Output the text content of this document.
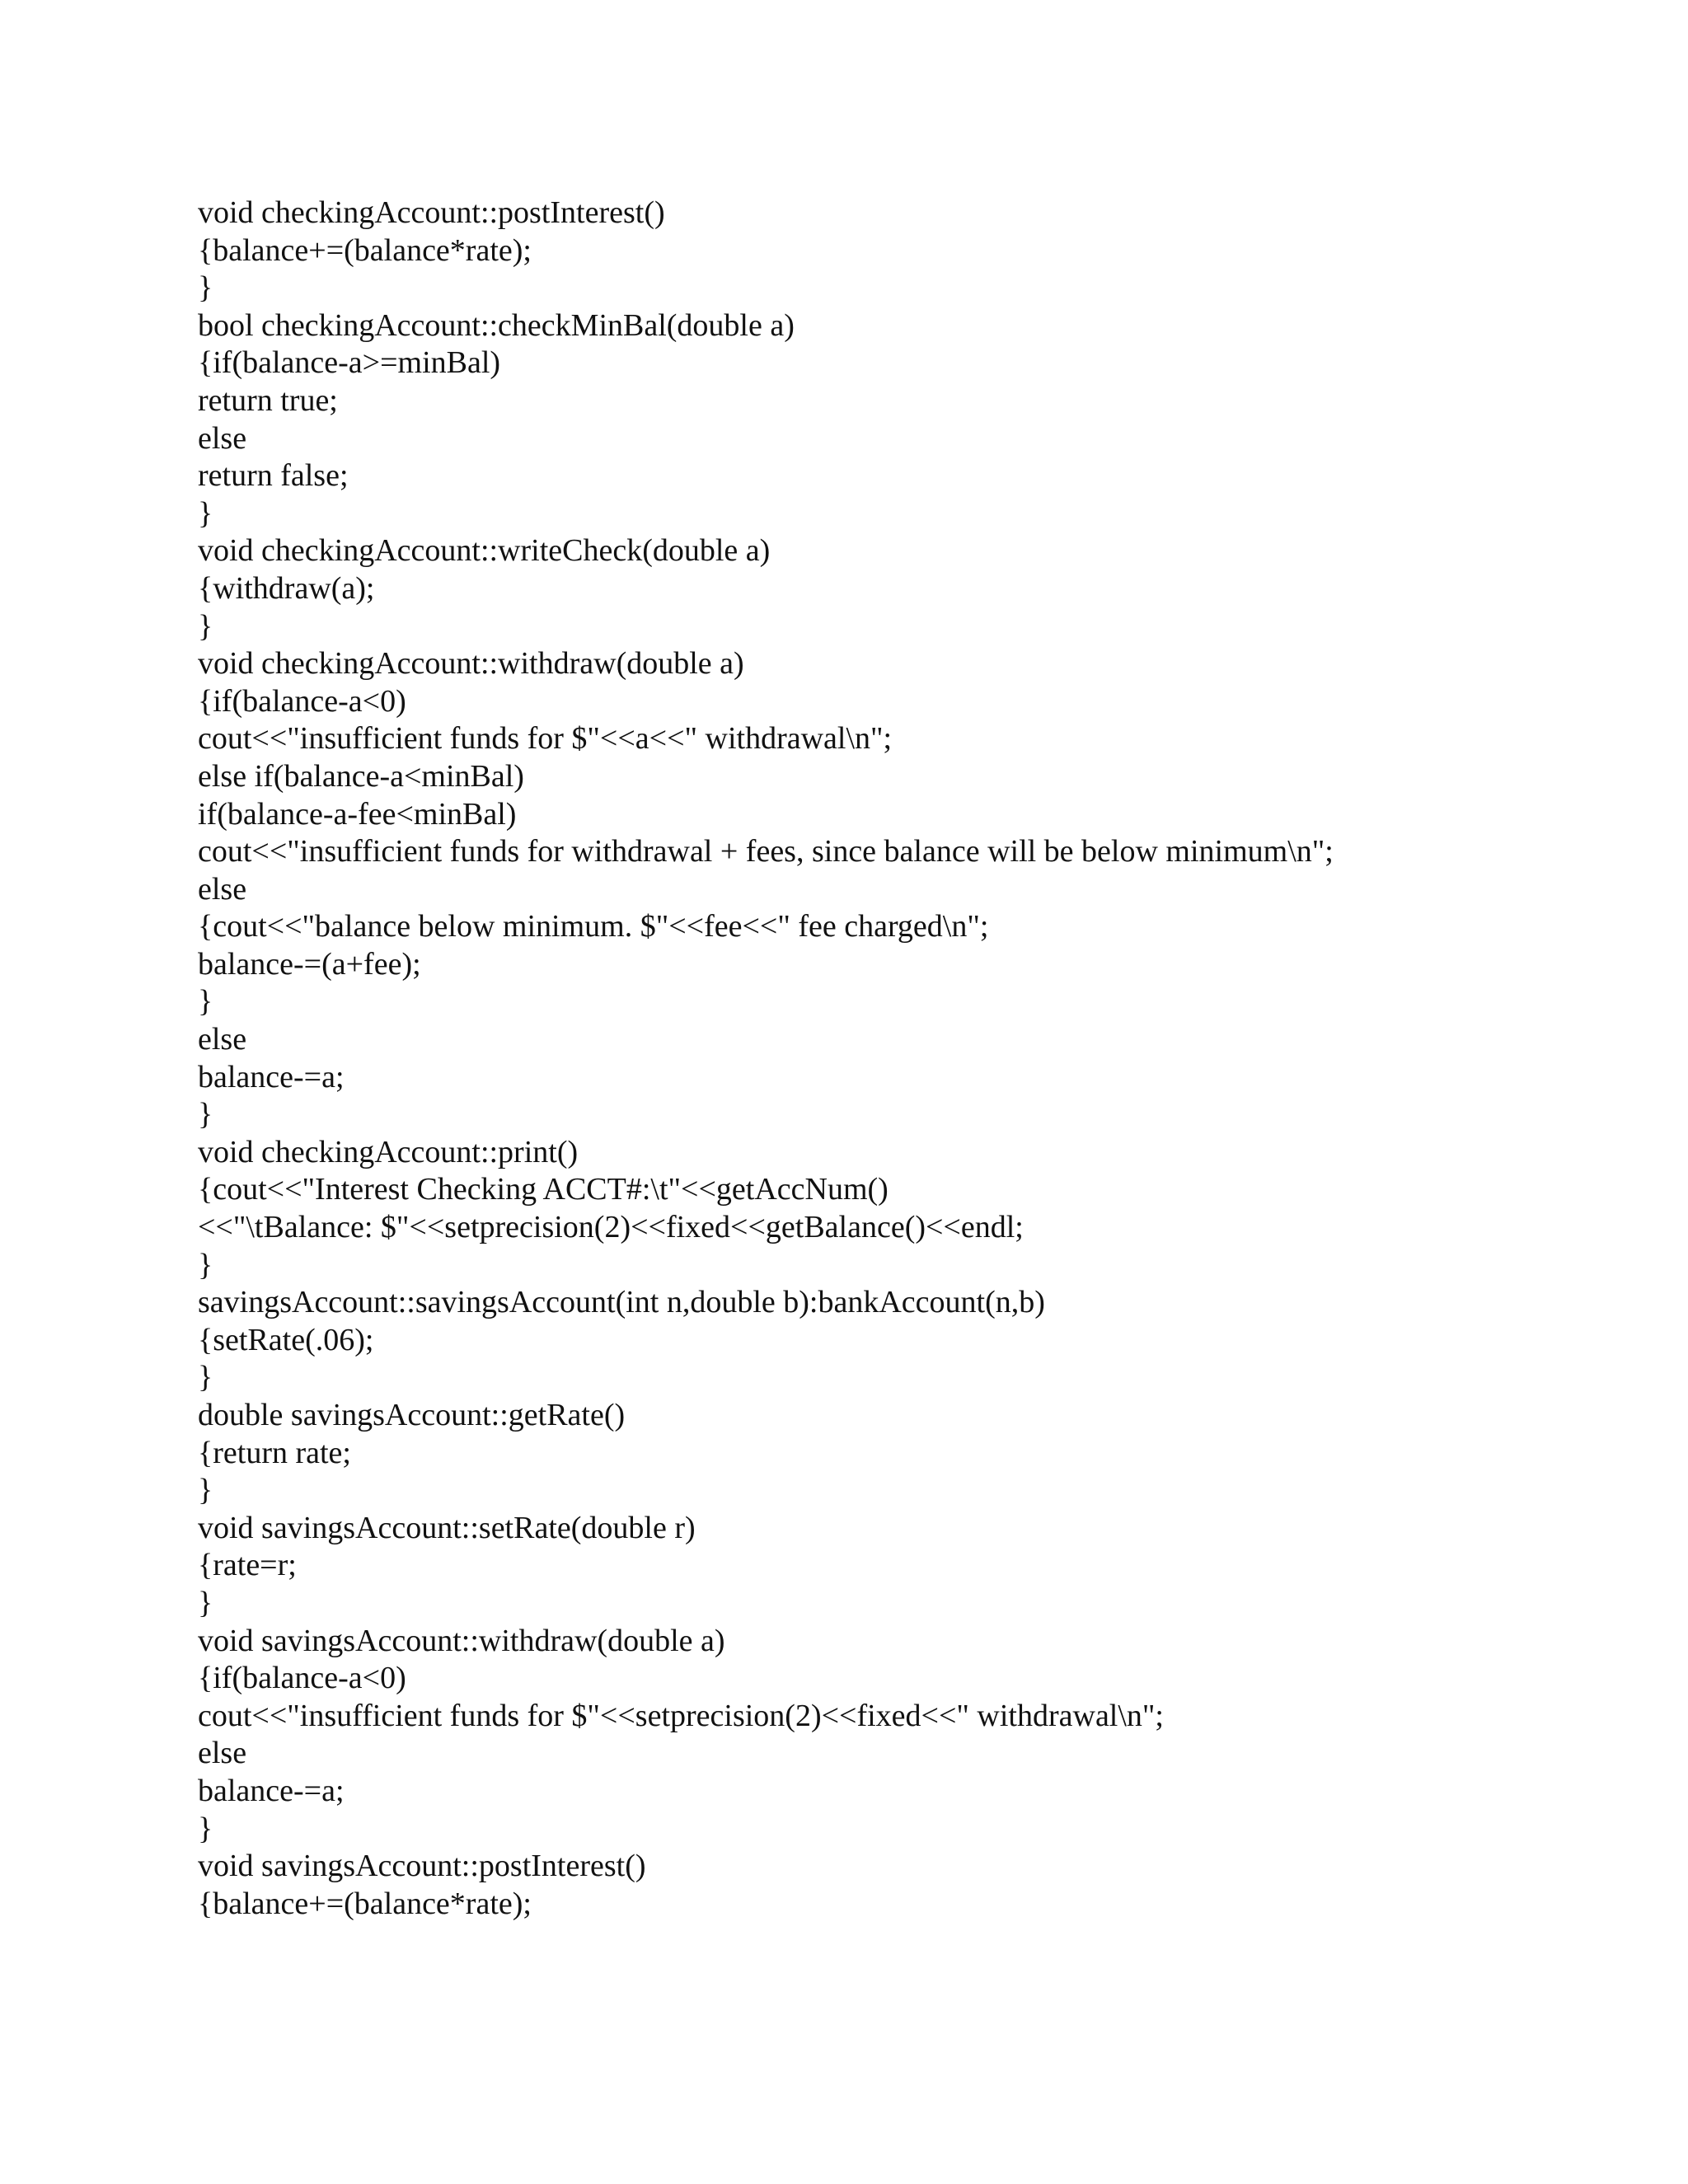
void checkingAccount::postInterest()
{balance+=(balance*rate);
}
bool checkingAccount::checkMinBal(double a)
{if(balance-a>=minBal)
return true;
else
return false;
}
void checkingAccount::writeCheck(double a)
{withdraw(a);
}
void checkingAccount::withdraw(double a)
{if(balance-a<0)
cout<<"insufficient funds for $"<<a<<" withdrawal\n";
else if(balance-a<minBal)
if(balance-a-fee<minBal)
cout<<"insufficient funds for withdrawal + fees, since balance will be below minimum\n";
else
{cout<<"balance below minimum. $"<<fee<<" fee charged\n";
balance-=(a+fee);
}
else
balance-=a;
}
void checkingAccount::print()
{cout<<"Interest Checking ACCT#:\t"<<getAccNum()
<<"\tBalance: $"<<setprecision(2)<<fixed<<getBalance()<<endl;
}
savingsAccount::savingsAccount(int n,double b):bankAccount(n,b)
{setRate(.06);
}
double savingsAccount::getRate()
{return rate;
}
void savingsAccount::setRate(double r)
{rate=r;
}
void savingsAccount::withdraw(double a)
{if(balance-a<0)
cout<<"insufficient funds for $"<<setprecision(2)<<fixed<<" withdrawal\n";
else
balance-=a;
}
void savingsAccount::postInterest()
{balance+=(balance*rate);
